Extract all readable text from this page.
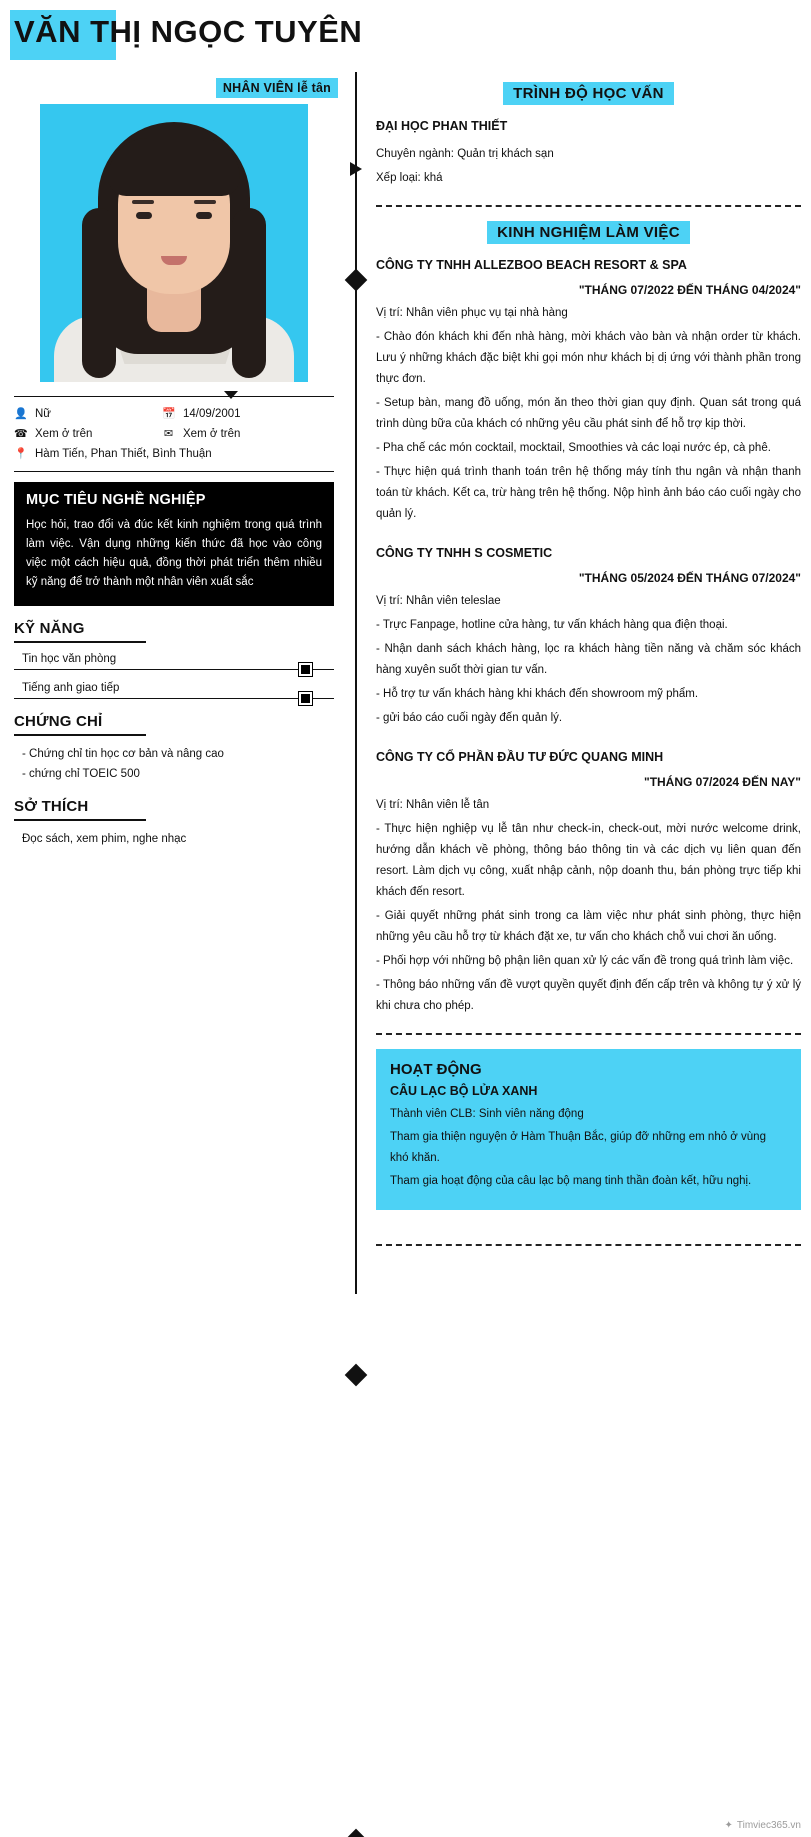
VĂN THỊ NGỌC TUYÊN
NHÂN VIÊN lễ tân
👤 Nữ	📅 14/09/2001
☎ Xem ở trên	✉ Xem ở trên
📍 Hàm Tiến, Phan Thiết, Bình Thuận
MỤC TIÊU NGHỀ NGHIỆP

Học hỏi, trao đổi và đúc kết kinh nghiệm trong quá trình làm việc. Vận dụng những kiến thức đã học vào công việc một cách hiệu quả, đồng thời phát triển thêm nhiều kỹ năng để trở thành một nhân viên xuất sắc

KỸ NĂNG
Tin học văn phòng
Tiếng anh giao tiếp
CHỨNG CHỈ
- Chứng chỉ tin học cơ bản và nâng cao
- chứng chỉ TOEIC 500
SỞ THÍCH
Đọc sách, xem phim, nghe nhạc
TRÌNH ĐỘ HỌC VẤN
ĐẠI HỌC PHAN THIẾT

Chuyên ngành: Quản trị khách sạn

Xếp loại: khá

KINH NGHIỆM LÀM VIỆC
CÔNG TY TNHH ALLEZBOO BEACH RESORT & SPA
"THÁNG 07/2022 ĐẾN THÁNG 04/2024"

Vị trí: Nhân viên phục vụ tại nhà hàng

- Chào đón khách khi đến nhà hàng, mời khách vào bàn và nhận order từ khách. Lưu ý những khách đặc biệt khi gọi món như khách bị dị ứng với thành phần trong thực đơn.

- Setup bàn, mang đồ uống, món ăn theo thời gian quy định. Quan sát trong quá trình dùng bữa của khách có những yêu cầu phát sinh để hỗ trợ kịp thời.

- Pha chế các món cocktail, mocktail, Smoothies và các loại nước ép, cà phê.

- Thực hiện quá trình thanh toán trên hệ thống máy tính thu ngân và nhận thanh toán từ khách. Kết ca, trừ hàng trên hệ thống. Nộp hình ảnh báo cáo cuối ngày cho quản lý.

CÔNG TY TNHH S COSMETIC
"THÁNG 05/2024 ĐẾN THÁNG 07/2024"

Vị trí: Nhân viên teleslae

- Trực Fanpage, hotline cửa hàng, tư vấn khách hàng qua điện thoại.

- Nhận danh sách khách hàng, lọc ra khách hàng tiền năng và chăm sóc khách hàng xuyên suốt thời gian tư vấn.

- Hỗ trợ tư vấn khách hàng khi khách đến showroom mỹ phẩm.

- gửi báo cáo cuối ngày đến quản lý.

CÔNG TY CỔ PHẦN ĐẦU TƯ ĐỨC QUANG MINH
"THÁNG 07/2024 ĐẾN NAY"

Vị trí: Nhân viên lễ tân

- Thực hiện nghiệp vụ lễ tân như check-in, check-out, mời nước welcome drink, hướng dẫn khách về phòng, thông báo thông tin và các dịch vụ liên quan đến resort. Làm dịch vụ công, xuất nhập cảnh, nộp doanh thu, bán phòng trực tiếp khi khách đến resort.

- Giải quyết những phát sinh trong ca làm việc như phát sinh phòng, thực hiện những yêu cầu hỗ trợ từ khách đặt xe, tư vấn cho khách chỗ vui chơi ăn uống.

- Phối hợp với những bộ phận liên quan xử lý các vấn đề trong quá trình làm việc.

- Thông báo những vấn đề vượt quyền quyết định đến cấp trên và không tự ý xử lý khi chưa cho phép.

HOẠT ĐỘNG
CÂU LẠC BỘ LỬA XANH

Thành viên CLB: Sinh viên năng động

Tham gia thiện nguyện ở Hàm Thuận Bắc, giúp đỡ những em nhỏ ở vùng khó khăn.

Tham gia hoạt động của câu lạc bộ mang tinh thần đoàn kết, hữu nghị.

✦ Timviec365.vn
